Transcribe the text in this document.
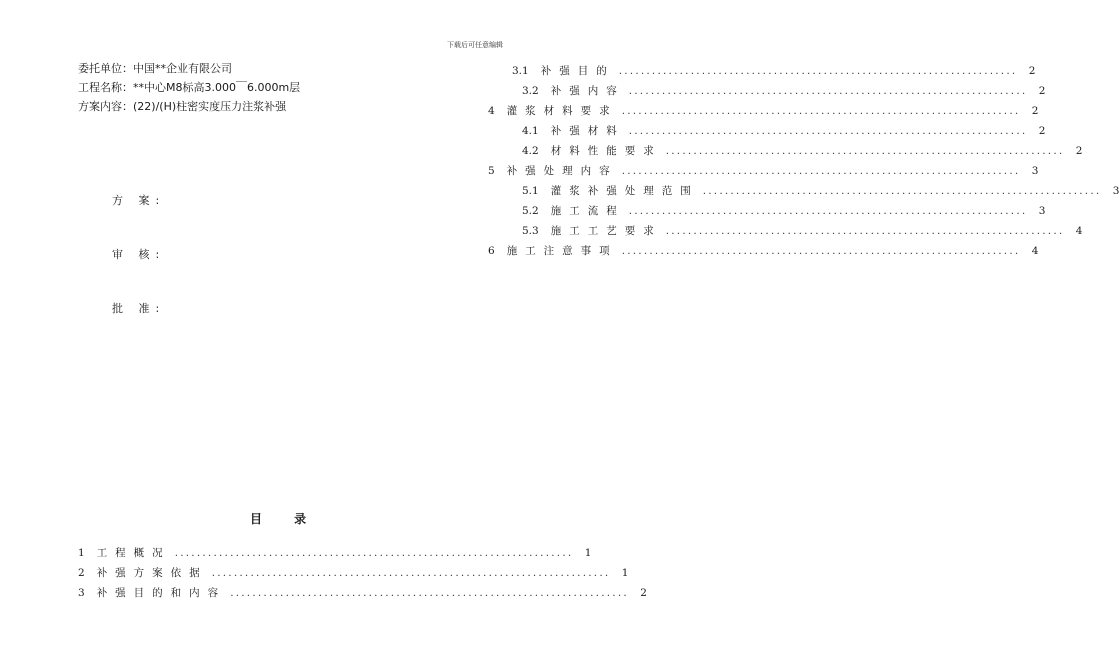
下载后可任意编辑
委托单位：中国**企业有限公司
工程名称：**中心M8标高3.000￣6.000m层
方案内容：(22)/(H)柱密实度压力注浆补强
方 案:
审 核:
批 准:
目 录
1 工程概况 ........................................................................	1
2 补强方案依据 ........................................................................	1
3 补强目的和内容 ........................................................................	2
3.1 补强目的 ........................................................................	2
3.2 补强内容 ........................................................................	2
4 灌浆材料要求 ........................................................................	2
4.1 补强材料 ........................................................................	2
4.2 材料性能要求 ........................................................................	2
5 补强处理内容 ........................................................................	3
5.1 灌浆补强处理范围 ........................................................................	3
5.2 施工流程 ........................................................................	3
5.3 施工工艺要求 ........................................................................	4
6 施工注意事项 ........................................................................	4
